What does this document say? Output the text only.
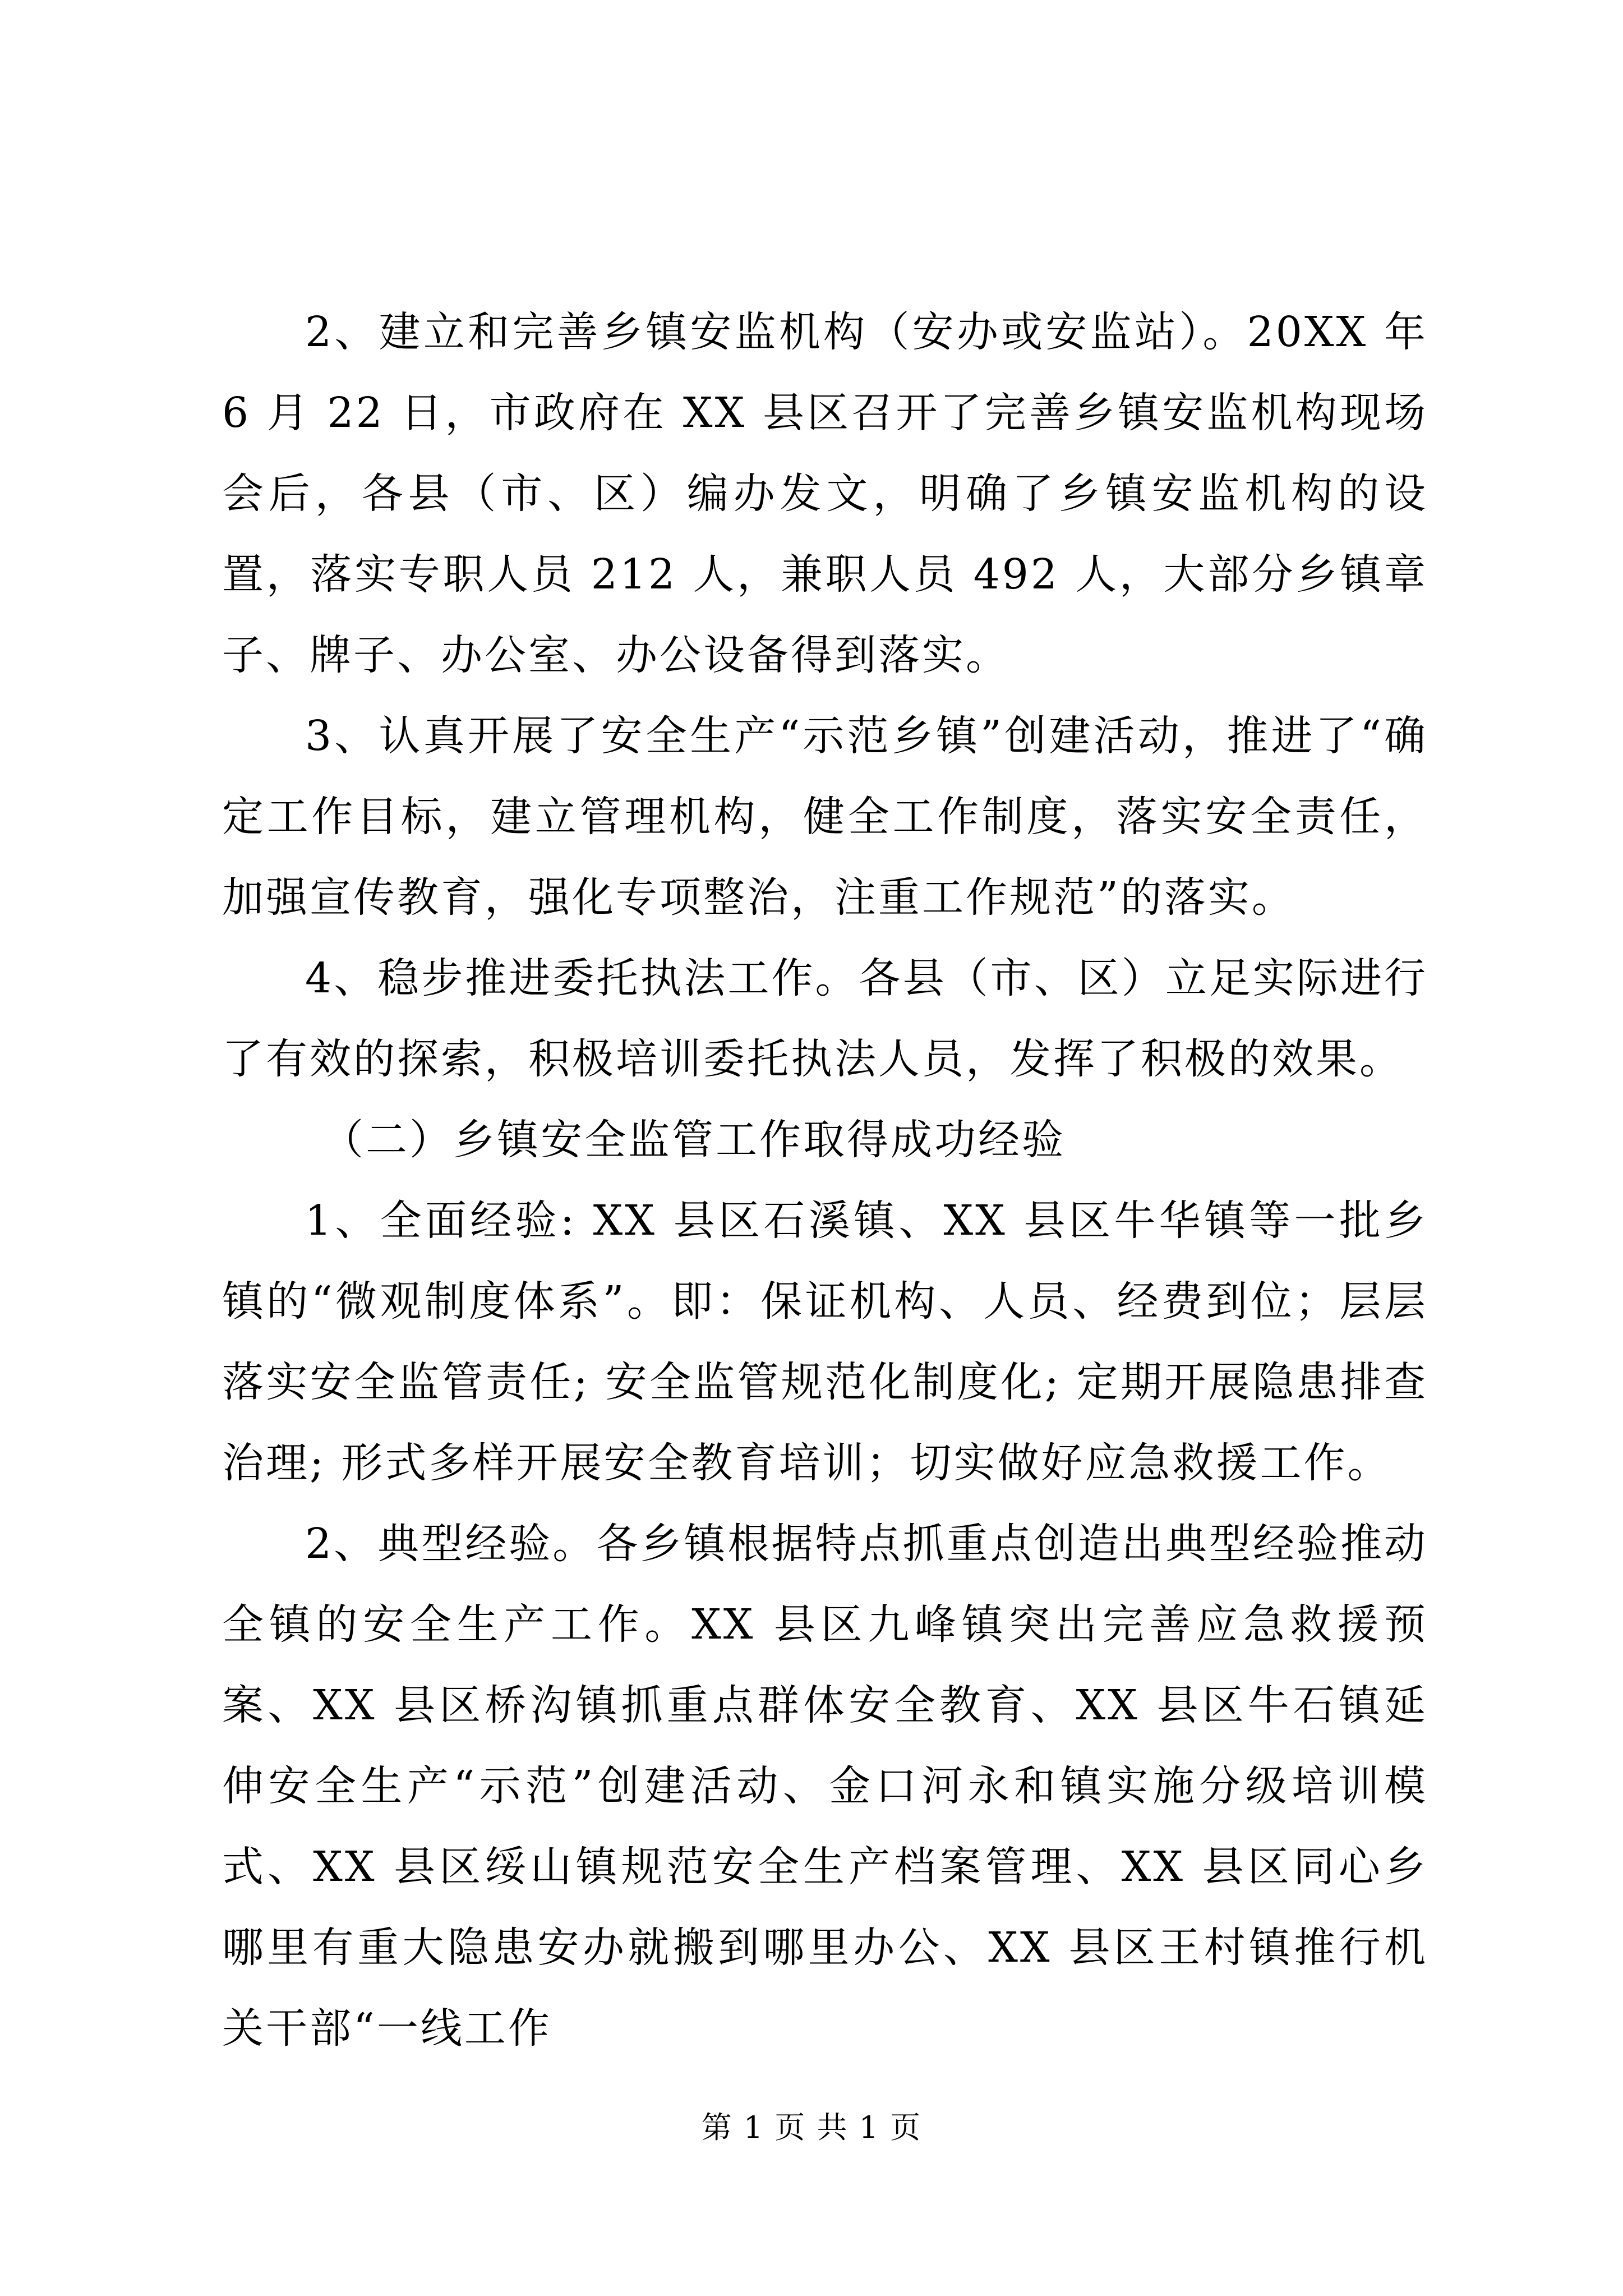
2、建立和完善乡镇安监机构（安办或安监站）。20XX 年 6 月 22 日，市政府在 XX 县区召开了完善乡镇安监机构现场会后，各县（市、区）编办发文，明确了乡镇安监机构的设置，落实专职人员 212 人，兼职人员 492 人，大部分乡镇章子、牌子、办公室、办公设备得到落实。

3、认真开展了安全生产“示范乡镇”创建活动，推进了“确定工作目标，建立管理机构，健全工作制度，落实安全责任，加强宣传教育，强化专项整治，注重工作规范”的落实。

4、稳步推进委托执法工作。各县（市、区）立足实际进行了有效的探索，积极培训委托执法人员，发挥了积极的效果。

（二）乡镇安全监管工作取得成功经验

1、全面经验: XX 县区石溪镇、XX 县区牛华镇等一批乡镇的“微观制度体系”。即：保证机构、人员、经费到位；层层落实安全监管责任; 安全监管规范化制度化; 定期开展隐患排查治理; 形式多样开展安全教育培训；切实做好应急救援工作。

2、典型经验。各乡镇根据特点抓重点创造出典型经验推动全镇的安全生产工作。XX 县区九峰镇突出完善应急救援预案、XX 县区桥沟镇抓重点群体安全教育、XX 县区牛石镇延伸安全生产“示范”创建活动、金口河永和镇实施分级培训模式、XX 县区绥山镇规范安全生产档案管理、XX 县区同心乡哪里有重大隐患安办就搬到哪里办公、XX 县区王村镇推行机关干部“一线工作

第 1 页 共 1 页
